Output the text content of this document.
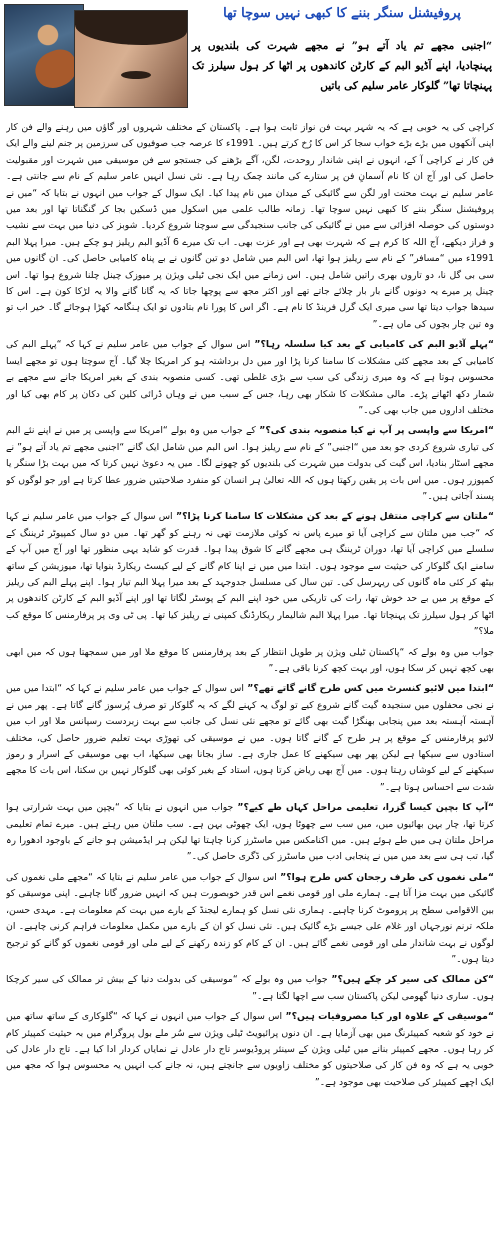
پروفیشنل سنگر بننے کا کبھی نہیں سوچا تھا
“اجنبی مجھے تم یاد آتے ہو” نے مجھے شہرت کی بلندیوں پر پہنچادیا، اپنے آڈیو البم کے کارٹن کاندھوں پر اٹھا کر ہول سیلرز تک پہنچاتا تھا” گلوکار عامر سلیم کی باتیں

کراچی کی یہ خوبی ہے کہ یہ شہر بہت فن نواز ثابت ہوا ہے۔ پاکستان کے مختلف شہروں اور گاؤں میں رہنے والے فن کار اپنی آنکھوں میں بڑے بڑے خواب سجا کر اس کا رُخ کرتے ہیں۔ 1991ء کا عرصہ جب صوفیوں کی سرزمین پر جنم لینے والے ایک فن کار نے کراچی آ کے، انہوں نے اپنی شاندار روحدت، لگن، آگے بڑھنے کی جستجو سے فن موسیقی میں شہرت اور مقبولیت حاصل کی اور آج ان کا نام آسمانِ فن پر ستارے کی مانند چمک رہا ہے۔ نئی نسل انہیں عامر سلیم کے نام سے جانتی ہے۔ عامر سلیم نے بہت محنت اور لگن سے گائیکی کے میدان میں نام پیدا کیا۔ ایک سوال کے جواب میں انہوں نے بتایا کہ “میں نے پروفیشنل سنگر بننے کا کبھی نہیں سوچا تھا۔ زمانہ طالب علمی میں اسکول میں ڈسکیں بجا کر گنگناتا تھا اور بعد میں دوستوں کی حوصلہ افزائی سے میں نے گائیکی کی جانب سنجیدگی سے سوچنا شروع کردیا۔ شوبز کی دنیا میں بہت سے نشیب و فراز دیکھے، آج اللہ کا کرم ہے کہ شہرت بھی ہے اور عزت بھی۔ اب تک میرے 6 آڈیو البم ریلیز ہو چکے ہیں۔ میرا پہلا البم 1991ء میں “مسافر” کے نام سے ریلیز ہوا تھا، اس البم میں شامل دو تین گانوں نے بے پناہ کامیابی حاصل کی۔ ان گانوں میں سی بی گل نا، دو تاروں بھری راتیں شامل ہیں۔ اس زمانے میں ایک نجی ٹیلی ویژن پر میوزک چینل چلنا شروع ہوا تھا۔ اس چینل پر میرے یہ دونوں گانے بار بار چلائے جاتے تھے اور اکثر مجھ سے پوچھا جاتا کہ یہ گانا گانے والا یہ لڑکا کون ہے۔ اس کا سیدھا جواب دیتا تھا سی میری ایک گرل فرینڈ کا نام ہے۔ اگر اس کا پورا نام بتادوں تو ایک ہنگامہ کھڑا ہوجائے گا۔ خیر اب تو وہ تین چار بچوں کی ماں ہے۔”

“پہلے آڈیو البم کی کامیابی کے بعد کیا سلسلہ رہا؟” اس سوال کے جواب میں عامر سلیم نے کہا کہ “پہلے البم کی کامیابی کے بعد مجھے کئی مشکلات کا سامنا کرنا پڑا اور میں دل برداشتہ ہو کر امریکا چلا گیا۔ آج سوچتا ہوں تو مجھے ایسا محسوس ہوتا ہے کہ وہ میری زندگی کی سب سے بڑی غلطی تھی۔ کسی منصوبہ بندی کے بغیر امریکا جانے سے مجھے بے شمار دکھ اٹھانے پڑے۔ مالی مشکلات کا شکار بھی رہا، جس کے سبب میں نے وہاں ڈرائی کلین کی دکان پر کام بھی کیا اور مختلف اداروں میں جاب بھی کی۔”

“امریکا سے واپسی پر آپ نے کیا منصوبہ بندی کی؟” کے جواب میں وہ بولے “امریکا سے واپسی پر میں نے اپنے نئے البم کی تیاری شروع کردی جو بعد میں “اجنبی” کے نام سے ریلیز ہوا۔ اس البم میں شامل ایک گانے “اجنبی مجھے تم یاد آتے ہو” نے مجھے اسٹار بنادیا، اس گیت کی بدولت میں شہرت کی بلندیوں کو چھونے لگا۔ میں یہ دعویٰ نہیں کرتا کہ میں بہت بڑا سنگر یا کمپوزر ہوں۔ میں اس بات پر یقین رکھتا ہوں کہ اللہ تعالیٰ ہر انسان کو منفرد صلاحیتیں ضرور عطا کرتا ہے اور جو لوگوں کو پسند آجاتی ہیں۔”

“ملتان سے کراچی منتقل ہونے کے بعد کن مشکلات کا سامنا کرنا پڑا؟” اس سوال کے جواب میں عامر سلیم نے کہا کہ “جب میں ملتان سے کراچی آیا تو میرے پاس نہ کوئی ملازمت تھی نہ رہنے کو گھر تھا۔ میں دو سال کمپیوٹر ٹریننگ کے سلسلے میں کراچی آیا تھا، دوران ٹریننگ ہی مجھے گانے کا شوق پیدا ہوا۔ قدرت کو شاید یہی منظور تھا اور آج میں آپ کے سامنے ایک گلوکار کی حیثیت سے موجود ہوں۔ ابتدا میں میں نے اپنا کام گانے کے لیے کیسٹ ریکارڈ بنوایا تھا، میوزیشن کے ساتھ بیٹھ کر کئی ماہ گانوں کی ریہرسل کی۔ تین سال کی مسلسل جدوجہد کے بعد میرا پہلا البم تیار ہوا۔ اپنے پہلے البم کی ریلیز کے موقع پر میں بے حد خوش تھا، رات کی تاریکی میں خود اپنے البم کے پوسٹر لگاتا تھا اور اپنے آڈیو البم کے کارٹن کاندھوں پر اٹھا کر ہول سیلرز تک پہنچاتا تھا۔ میرا پہلا البم شالیمار ریکارڈنگ کمپنی نے ریلیز کیا تھا۔ پی ٹی وی پر پرفارمنس کا موقع کب ملا؟”

جواب میں وہ بولے کہ “پاکستان ٹیلی ویژن پر طویل انتظار کے بعد پرفارمنس کا موقع ملا اور میں سمجھتا ہوں کہ میں ابھی بھی کچھ نہیں کر سکا ہوں، اور بہت کچھ کرنا باقی ہے۔”

“ابتدا میں لائیو کنسرٹ میں کس طرح گانے گاتے تھے؟” اس سوال کے جواب میں عامر سلیم نے کہا کہ “ابتدا میں میں نے نجی محفلوں میں سنجیدہ گیت گانے شروع کیے تو لوگ یہ کہنے لگے کہ یہ گلوکار تو صرف پُرسوز گانے گاتا ہے۔ پھر میں نے آہستہ آہستہ بعد میں پنجابی بھنگڑا گیت بھی گائے تو مجھے نئی نسل کی جانب سے بہت زبردست رسپانس ملا اور اب میں لائیو پرفارمنس کے موقع پر ہر طرح کے گانے گاتا ہوں۔ میں نے موسیقی کی تھوڑی بہت تعلیم ضرور حاصل کی، مختلف استادوں سے سیکھا ہے لیکن پھر بھی سیکھنے کا عمل جاری ہے۔ ساز بجانا بھی سیکھا، اب بھی موسیقی کے اسرار و رموز سیکھنے کے لیے کوشاں رہتا ہوں۔ میں آج بھی ریاض کرتا ہوں، استاد کے بغیر کوئی بھی گلوکار نہیں بن سکتا، اس بات کا مجھے شدت سے احساس ہوتا ہے۔”

“آپ کا بچپن کیسا گزرا، تعلیمی مراحل کہاں طے کیے؟” جواب میں انہوں نے بتایا کہ “بچپن میں بہت شرارتی ہوا کرتا تھا، چار بہن بھائیوں میں، میں سب سے چھوٹا ہوں، ایک چھوٹی بہن ہے۔ سب ملتان میں رہتے ہیں۔ میرے تمام تعلیمی مراحل ملتان ہی میں طے ہوئے ہیں۔ میں اکنامکس میں ماسٹرز کرنا چاہتا تھا لیکن ہر ایڈمیشن ہو جانے کے باوجود ادھورا رہ گیا، تب ہی سے بعد میں میں نے پنجابی ادب میں ماسٹرز کی ڈگری حاصل کی۔”

“ملی نغموں کی طرف رجحان کس طرح ہوا؟” اس سوال کے جواب میں عامر سلیم نے بتایا کہ “مجھے ملی نغموں کی گائیکی میں بہت مزا آتا ہے۔ ہمارے ملی اور قومی نغمے اس قدر خوبصورت ہیں کہ انہیں ضرور گانا چاہیے۔ اپنی موسیقی کو بین الاقوامی سطح پر پروموٹ کرنا چاہیے۔ ہماری نئی نسل کو ہمارے لیجنڈ کے بارے میں بہت کم معلومات ہے۔ مہدی حسن، ملکہ ترنم نورجہاں اور غلام علی جیسے بڑے گائیک ہیں۔ نئی نسل کو ان کے بارے میں مکمل معلومات فراہم کرنی چاہیے۔ ان لوگوں نے بہت شاندار ملی اور قومی نغمے گائے ہیں۔ ان کے کام کو زندہ رکھنے کے لیے ملی اور قومی نغموں کو گانے کو ترجیح دیتا ہوں۔”

“کن ممالک کی سیر کر چکے ہیں؟” جواب میں وہ بولے کہ “موسیقی کی بدولت دنیا کے بیش تر ممالک کی سیر کرچکا ہوں۔ ساری دنیا گھومی لیکن پاکستان سب سے اچھا لگتا ہے۔”

“موسیقی کے علاوہ اور کیا مصروفیات ہیں؟” اس سوال کے جواب میں انہوں نے کہا کہ “گلوکاری کے ساتھ ساتھ میں نے خود کو شعبہ کمپیئرنگ میں بھی آزمایا ہے۔ ان دنوں پرائیویٹ ٹیلی ویژن سے سُر ملے بول پروگرام میں بہ حیثیت کمپیئر کام کر رہا ہوں۔ مجھے کمپیئر بنانے میں ٹیلی ویژن کے سینئر پروڈیوسر تاج دار عادل نے نمایاں کردار ادا کیا ہے۔ تاج دار عادل کی خوبی یہ ہے کہ وہ فن کار کی صلاحیتوں کو مختلف زاویوں سے جانچتے ہیں، نہ جانے کب انہیں یہ محسوس ہوا کہ مجھ میں ایک اچھے کمپیئر کی صلاحیت بھی موجود ہے۔”
